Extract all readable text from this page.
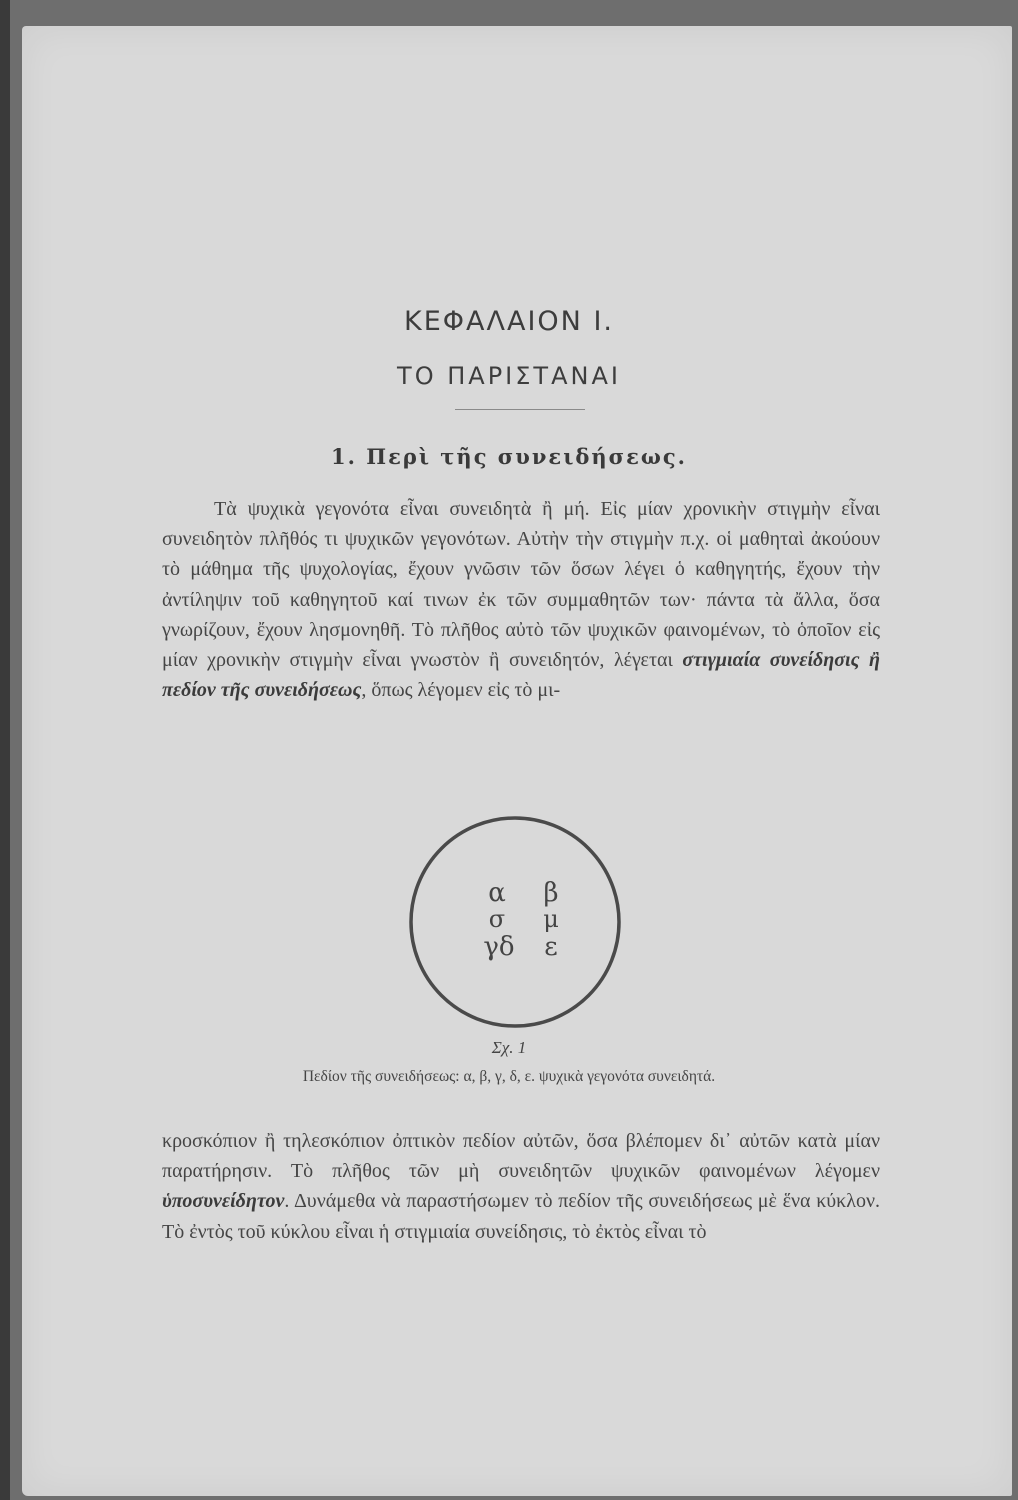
ΚΕΦΑΛΑΙΟΝ Ι.
ΤΟ ΠΑΡΙΣΤΑΝΑΙ
1. Περὶ τῆς συνειδήσεως.

Τὰ ψυχικὰ γεγονότα εἶναι συνειδητὰ ἢ μή. Εἰς μίαν χρονικὴν στιγμὴν εἶναι συνειδητὸν πλῆθός τι ψυχικῶν γεγονότων. Αὐτὴν τὴν στιγμὴν π.χ. οἱ μαθηταὶ ἀκούουν τὸ μάθημα τῆς ψυχολογίας, ἔχουν γνῶσιν τῶν ὅσων λέγει ὁ καθηγητής, ἔχουν τὴν ἀντίληψιν τοῦ καθηγητοῦ καί τινων ἐκ τῶν συμμαθητῶν των· πάντα τὰ ἄλλα, ὅσα γνωρίζουν, ἔχουν λησμονηθῆ. Τὸ πλῆθος αὐτὸ τῶν ψυχικῶν φαινομένων, τὸ ὁποῖον εἰς μίαν χρονικὴν στιγμὴν εἶναι γνωστὸν ἢ συνειδητόν, λέγεται στιγμιαία συνείδησις ἢ πεδίον τῆς συνειδήσεως, ὅπως λέγομεν εἰς τὸ μι-

α β
σ μ
γδ ε
Σχ. 1
Πεδίον τῆς συνειδήσεως: α, β, γ, δ, ε. ψυχικὰ γεγονότα συνειδητά.

κροσκόπιον ἢ τηλεσκόπιον ὀπτικὸν πεδίον αὐτῶν, ὅσα βλέπομεν δι᾽ αὐτῶν κατὰ μίαν παρατήρησιν. Τὸ πλῆθος τῶν μὴ συνειδητῶν ψυχικῶν φαινομένων λέγομεν ὑποσυνείδητον. Δυνάμεθα νὰ παραστήσωμεν τὸ πεδίον τῆς συνειδήσεως μὲ ἕνα κύκλον. Τὸ ἐντὸς τοῦ κύκλου εἶναι ἡ στιγμιαία συνείδησις, τὸ ἐκτὸς εἶναι τὸ
